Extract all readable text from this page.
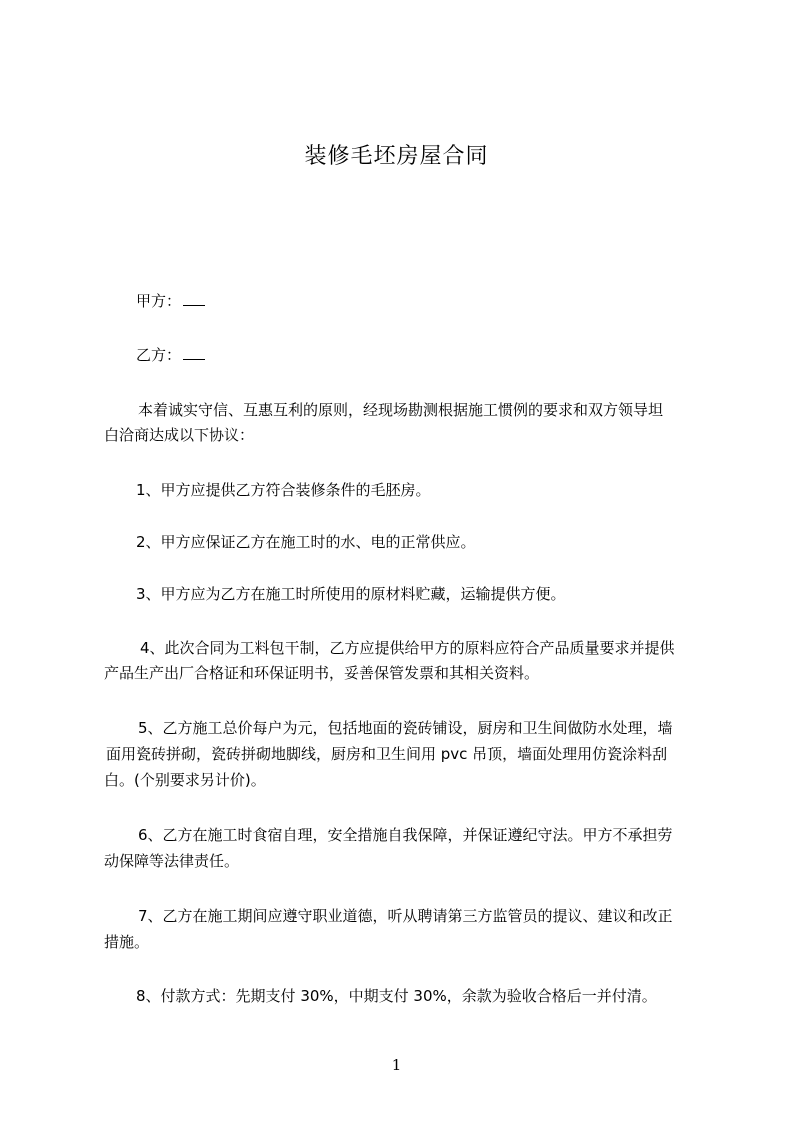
装修毛坯房屋合同
甲方：
乙方：
本着诚实守信、互惠互利的原则，经现场勘测根据施工惯例的要求和双方领导坦
白洽商达成以下协议：
1、甲方应提供乙方符合装修条件的毛胚房。
2、甲方应保证乙方在施工时的水、电的正常供应。
3、甲方应为乙方在施工时所使用的原材料贮藏，运输提供方便。
4、此次合同为工料包干制，乙方应提供给甲方的原料应符合产品质量要求并提供
产品生产出厂合格证和环保证明书，妥善保管发票和其相关资料。
5、乙方施工总价每户为元，包括地面的瓷砖铺设，厨房和卫生间做防水处理，墙
面用瓷砖拼砌，瓷砖拼砌地脚线，厨房和卫生间用 pvc 吊顶，墙面处理用仿瓷涂料刮
白。(个别要求另计价)。
6、乙方在施工时食宿自理，安全措施自我保障，并保证遵纪守法。甲方不承担劳
动保障等法律责任。
7、乙方在施工期间应遵守职业道德，听从聘请第三方监管员的提议、建议和改正
措施。
8、付款方式：先期支付 30%，中期支付 30%，余款为验收合格后一并付清。
1
